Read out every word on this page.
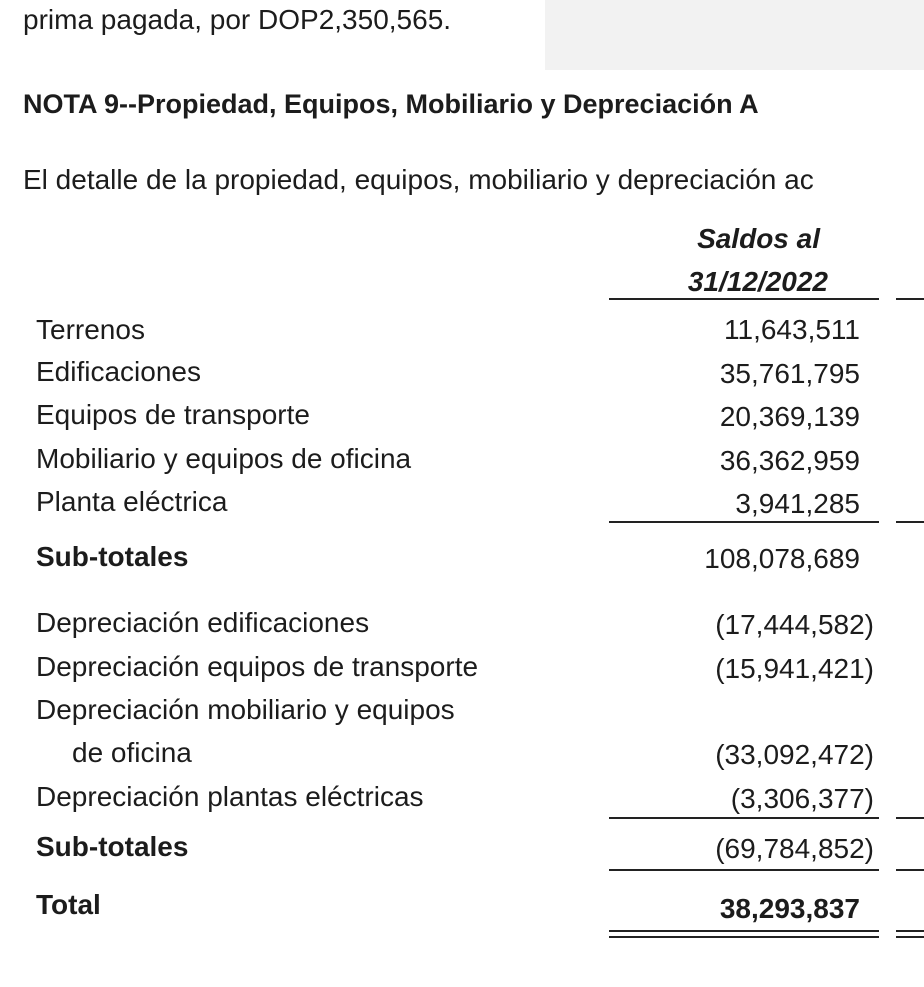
prima pagada, por DOP2,350,565.
NOTA 9--Propiedad, Equipos, Mobiliario y Depreciación A
El detalle de la propiedad, equipos, mobiliario y depreciación ac
Saldos al
31/12/2022
Terrenos	11,643,511
Edificaciones	35,761,795
Equipos de transporte	20,369,139
Mobiliario y equipos de oficina	36,362,959
Planta eléctrica	3,941,285
Sub-totales	108,078,689
Depreciación edificaciones	(17,444,582)
Depreciación equipos de transporte	(15,941,421)
Depreciación mobiliario y equipos
de oficina	(33,092,472)
Depreciación plantas eléctricas	(3,306,377)
Sub-totales	(69,784,852)
Total	38,293,837
